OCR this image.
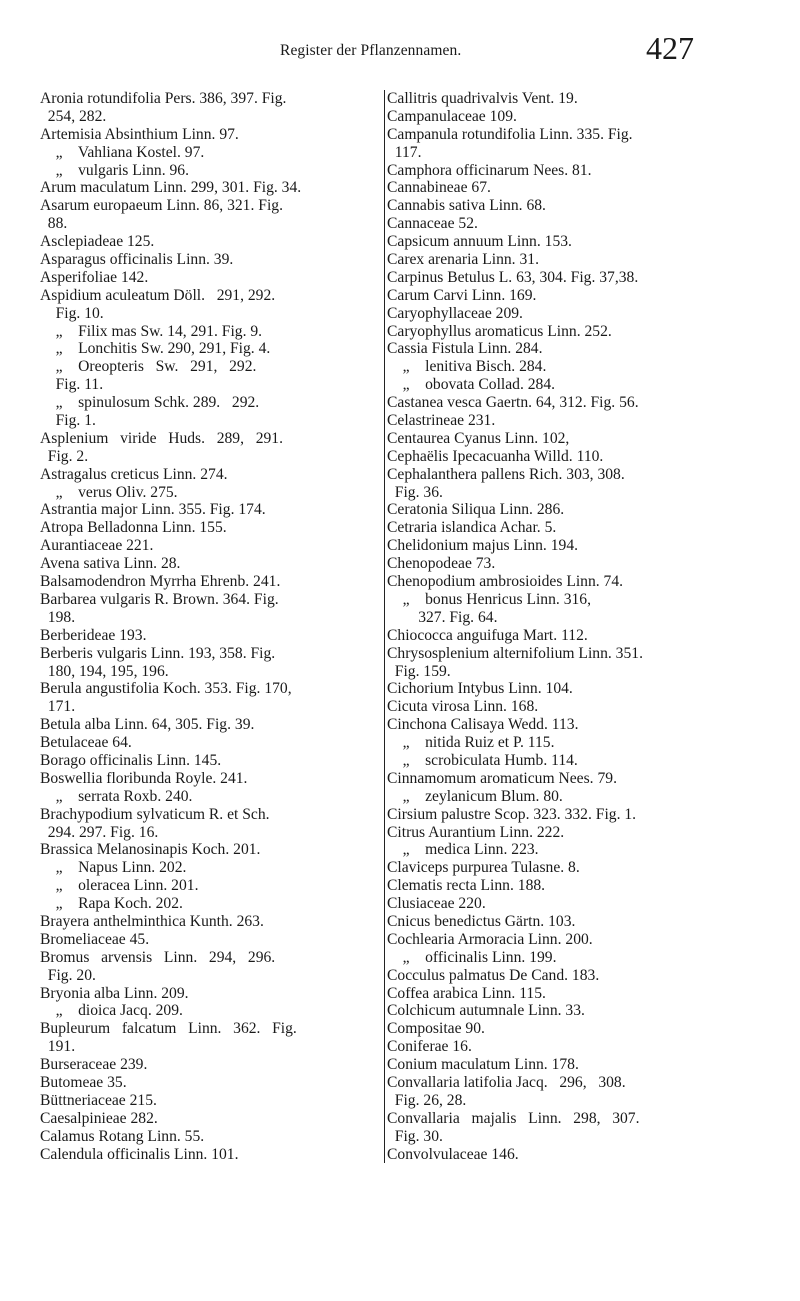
Register der Pflanzennamen.	427
Aronia rotundifolia Pers. 386, 397. Fig.
254, 282.
Artemisia Absinthium Linn. 97.
„    Vahliana Kostel. 97.
„    vulgaris Linn. 96.
Arum maculatum Linn. 299, 301. Fig. 34.
Asarum europaeum Linn. 86, 321. Fig.
88.
Asclepiadeae 125.
Asparagus officinalis Linn. 39.
Asperifoliae 142.
Aspidium aculeatum Döll.   291, 292.
Fig. 10.
„    Filix mas Sw. 14, 291. Fig. 9.
„    Lonchitis Sw. 290, 291, Fig. 4.
„    Oreopteris   Sw.   291,   292.
Fig. 11.
„    spinulosum Schk. 289.   292.
Fig. 1.
Asplenium   viride   Huds.   289,   291.
Fig. 2.
Astragalus creticus Linn. 274.
„    verus Oliv. 275.
Astrantia major Linn. 355. Fig. 174.
Atropa Belladonna Linn. 155.
Aurantiaceae 221.
Avena sativa Linn. 28.
Balsamodendron Myrrha Ehrenb. 241.
Barbarea vulgaris R. Brown. 364. Fig.
198.
Berberideae 193.
Berberis vulgaris Linn. 193, 358. Fig.
180, 194, 195, 196.
Berula angustifolia Koch. 353. Fig. 170,
171.
Betula alba Linn. 64, 305. Fig. 39.
Betulaceae 64.
Borago officinalis Linn. 145.
Boswellia floribunda Royle. 241.
„    serrata Roxb. 240.
Brachypodium sylvaticum R. et Sch.
294. 297. Fig. 16.
Brassica Melanosinapis Koch. 201.
„    Napus Linn. 202.
„    oleracea Linn. 201.
„    Rapa Koch. 202.
Brayera anthelminthica Kunth. 263.
Bromeliaceae 45.
Bromus   arvensis   Linn.   294,   296.
Fig. 20.
Bryonia alba Linn. 209.
„    dioica Jacq. 209.
Bupleurum   falcatum   Linn.   362.   Fig.
191.
Burseraceae 239.
Butomeae 35.
Büttneriaceae 215.
Caesalpinieae 282.
Calamus Rotang Linn. 55.
Calendula officinalis Linn. 101.
Callitris quadrivalvis Vent. 19.
Campanulaceae 109.
Campanula rotundifolia Linn. 335. Fig.
117.
Camphora officinarum Nees. 81.
Cannabineae 67.
Cannabis sativa Linn. 68.
Cannaceae 52.
Capsicum annuum Linn. 153.
Carex arenaria Linn. 31.
Carpinus Betulus L. 63, 304. Fig. 37,38.
Carum Carvi Linn. 169.
Caryophyllaceae 209.
Caryophyllus aromaticus Linn. 252.
Cassia Fistula Linn. 284.
„    lenitiva Bisch. 284.
„    obovata Collad. 284.
Castanea vesca Gaertn. 64, 312. Fig. 56.
Celastrineae 231.
Centaurea Cyanus Linn. 102,
Cephaëlis Ipecacuanha Willd. 110.
Cephalanthera pallens Rich. 303, 308.
Fig. 36.
Ceratonia Siliqua Linn. 286.
Cetraria islandica Achar. 5.
Chelidonium majus Linn. 194.
Chenopodeae 73.
Chenopodium ambrosioides Linn. 74.
„    bonus Henricus Linn. 316,
327. Fig. 64.
Chiococca anguifuga Mart. 112.
Chrysosplenium alternifolium Linn. 351.
Fig. 159.
Cichorium Intybus Linn. 104.
Cicuta virosa Linn. 168.
Cinchona Calisaya Wedd. 113.
„    nitida Ruiz et P. 115.
„    scrobiculata Humb. 114.
Cinnamomum aromaticum Nees. 79.
„    zeylanicum Blum. 80.
Cirsium palustre Scop. 323. 332. Fig. 1.
Citrus Aurantium Linn. 222.
„    medica Linn. 223.
Claviceps purpurea Tulasne. 8.
Clematis recta Linn. 188.
Clusiaceae 220.
Cnicus benedictus Gärtn. 103.
Cochlearia Armoracia Linn. 200.
„    officinalis Linn. 199.
Cocculus palmatus De Cand. 183.
Coffea arabica Linn. 115.
Colchicum autumnale Linn. 33.
Compositae 90.
Coniferae 16.
Conium maculatum Linn. 178.
Convallaria latifolia Jacq.   296,   308.
Fig. 26, 28.
Convallaria   majalis   Linn.   298,   307.
Fig. 30.
Convolvulaceae 146.
